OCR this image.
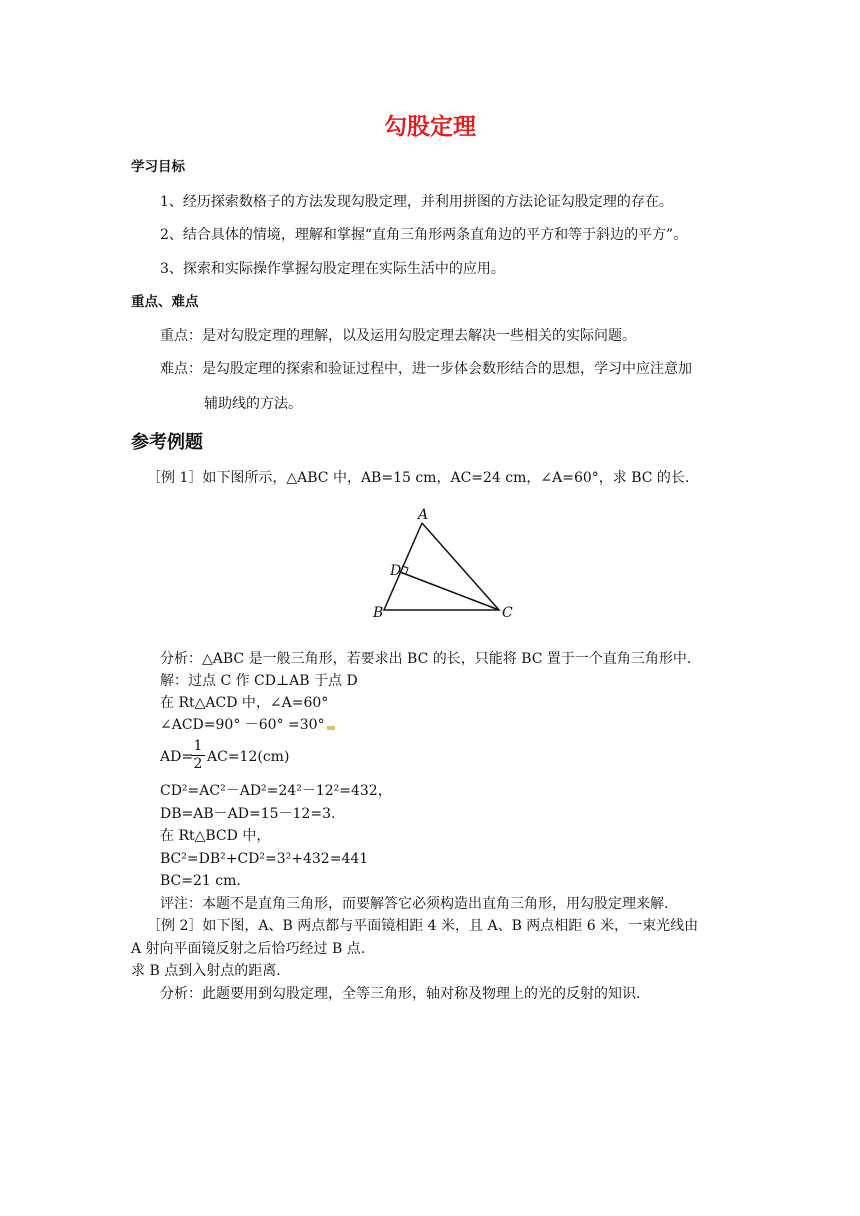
勾股定理
学习目标
1、经历探索数格子的方法发现勾股定理，并利用拼图的方法论证勾股定理的存在。
2、结合具体的情境，理解和掌握“直角三角形两条直角边的平方和等于斜边的平方”。
3、探索和实际操作掌握勾股定理在实际生活中的应用。
重点、难点
重点：是对勾股定理的理解，以及运用勾股定理去解决一些相关的实际问题。
难点：是勾股定理的探索和验证过程中，进一步体会数形结合的思想，学习中应注意加
辅助线的方法。
参考例题
［例 1］如下图所示，△ABC 中，AB=15 cm，AC=24 cm，∠A=60°，求 BC 的长.
A
D
B	C
分析：△ABC 是一般三角形，若要求出 BC 的长，只能将 BC 置于一个直角三角形中.
解：过点 C 作 CD⊥AB 于点 D
在 Rt△ACD 中，∠A=60°
∠ACD=90° －60° =30°
AD=
1
2 AC=12(cm)
CD²=AC²－AD²=24²－12²=432，
DB=AB－AD=15－12=3.
在 Rt△BCD 中，
BC²=DB²+CD²=3²+432=441
BC=21 cm.
评注：本题不是直角三角形，而要解答它必须构造出直角三角形，用勾股定理来解.
［例 2］如下图，A、B 两点都与平面镜相距 4 米，且 A、B 两点相距 6 米，一束光线由
A 射向平面镜反射之后恰巧经过 B 点.
求 B 点到入射点的距离.
分析：此题要用到勾股定理，全等三角形，轴对称及物理上的光的反射的知识.
